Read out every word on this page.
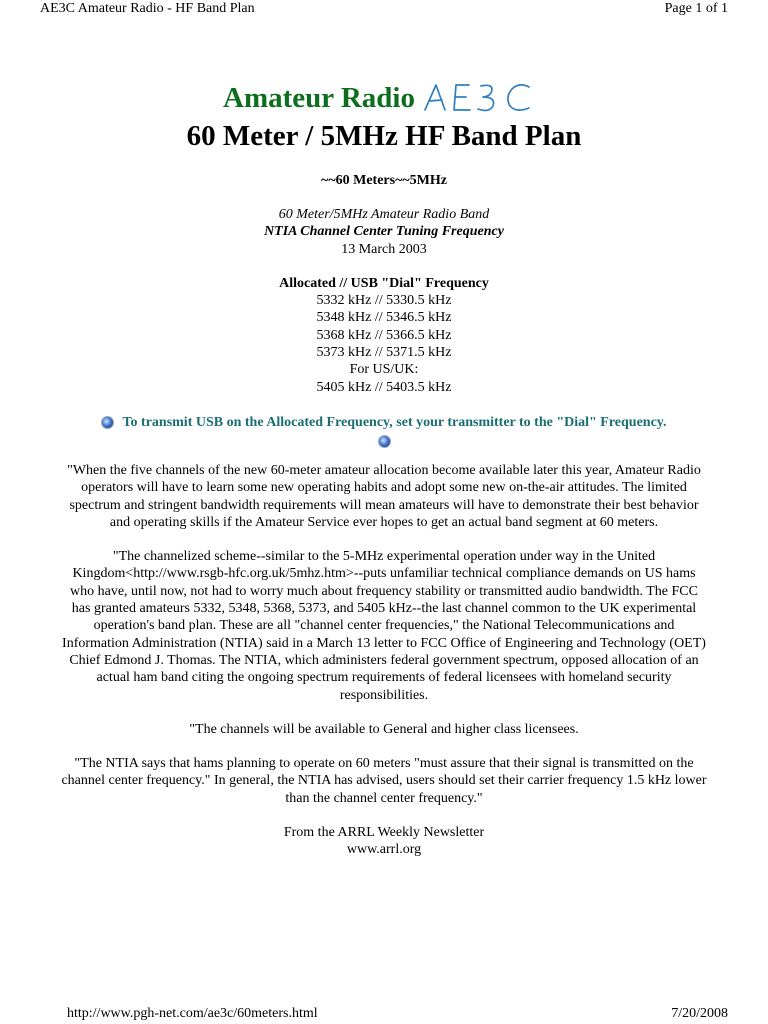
AE3C Amateur Radio - HF Band Plan	Page 1 of 1
Amateur Radio
AE3C
60 Meter / 5MHz HF Band Plan
~~60 Meters~~5MHz
60 Meter/5MHz Amateur Radio Band
NTIA Channel Center Tuning Frequency
13 March 2003
Allocated // USB "Dial" Frequency
5332 kHz // 5330.5 kHz
5348 kHz // 5346.5 kHz
5368 kHz // 5366.5 kHz
5373 kHz // 5371.5 kHz
For US/UK:
5405 kHz // 5403.5 kHz
To transmit USB on the Allocated Frequency, set your transmitter to the "Dial" Frequency.
"When the five channels of the new 60-meter amateur allocation become available later this year, Amateur Radio operators will have to learn some new operating habits and adopt some new on-the-air attitudes. The limited spectrum and stringent bandwidth requirements will mean amateurs will have to demonstrate their best behavior and operating skills if the Amateur Service ever hopes to get an actual band segment at 60 meters.
"The channelized scheme--similar to the 5-MHz experimental operation under way in the United Kingdom<http://www.rsgb-hfc.org.uk/5mhz.htm>--puts unfamiliar technical compliance demands on US hams who have, until now, not had to worry much about frequency stability or transmitted audio bandwidth. The FCC has granted amateurs 5332, 5348, 5368, 5373, and 5405 kHz--the last channel common to the UK experimental operation's band plan. These are all "channel center frequencies," the National Telecommunications and Information Administration (NTIA) said in a March 13 letter to FCC Office of Engineering and Technology (OET) Chief Edmond J. Thomas. The NTIA, which administers federal government spectrum, opposed allocation of an actual ham band citing the ongoing spectrum requirements of federal licensees with homeland security responsibilities.
"The channels will be available to General and higher class licensees.
"The NTIA says that hams planning to operate on 60 meters "must assure that their signal is transmitted on the channel center frequency." In general, the NTIA has advised, users should set their carrier frequency 1.5 kHz lower than the channel center frequency."
From the ARRL Weekly Newsletter
www.arrl.org
http://www.pgh-net.com/ae3c/60meters.html	7/20/2008
